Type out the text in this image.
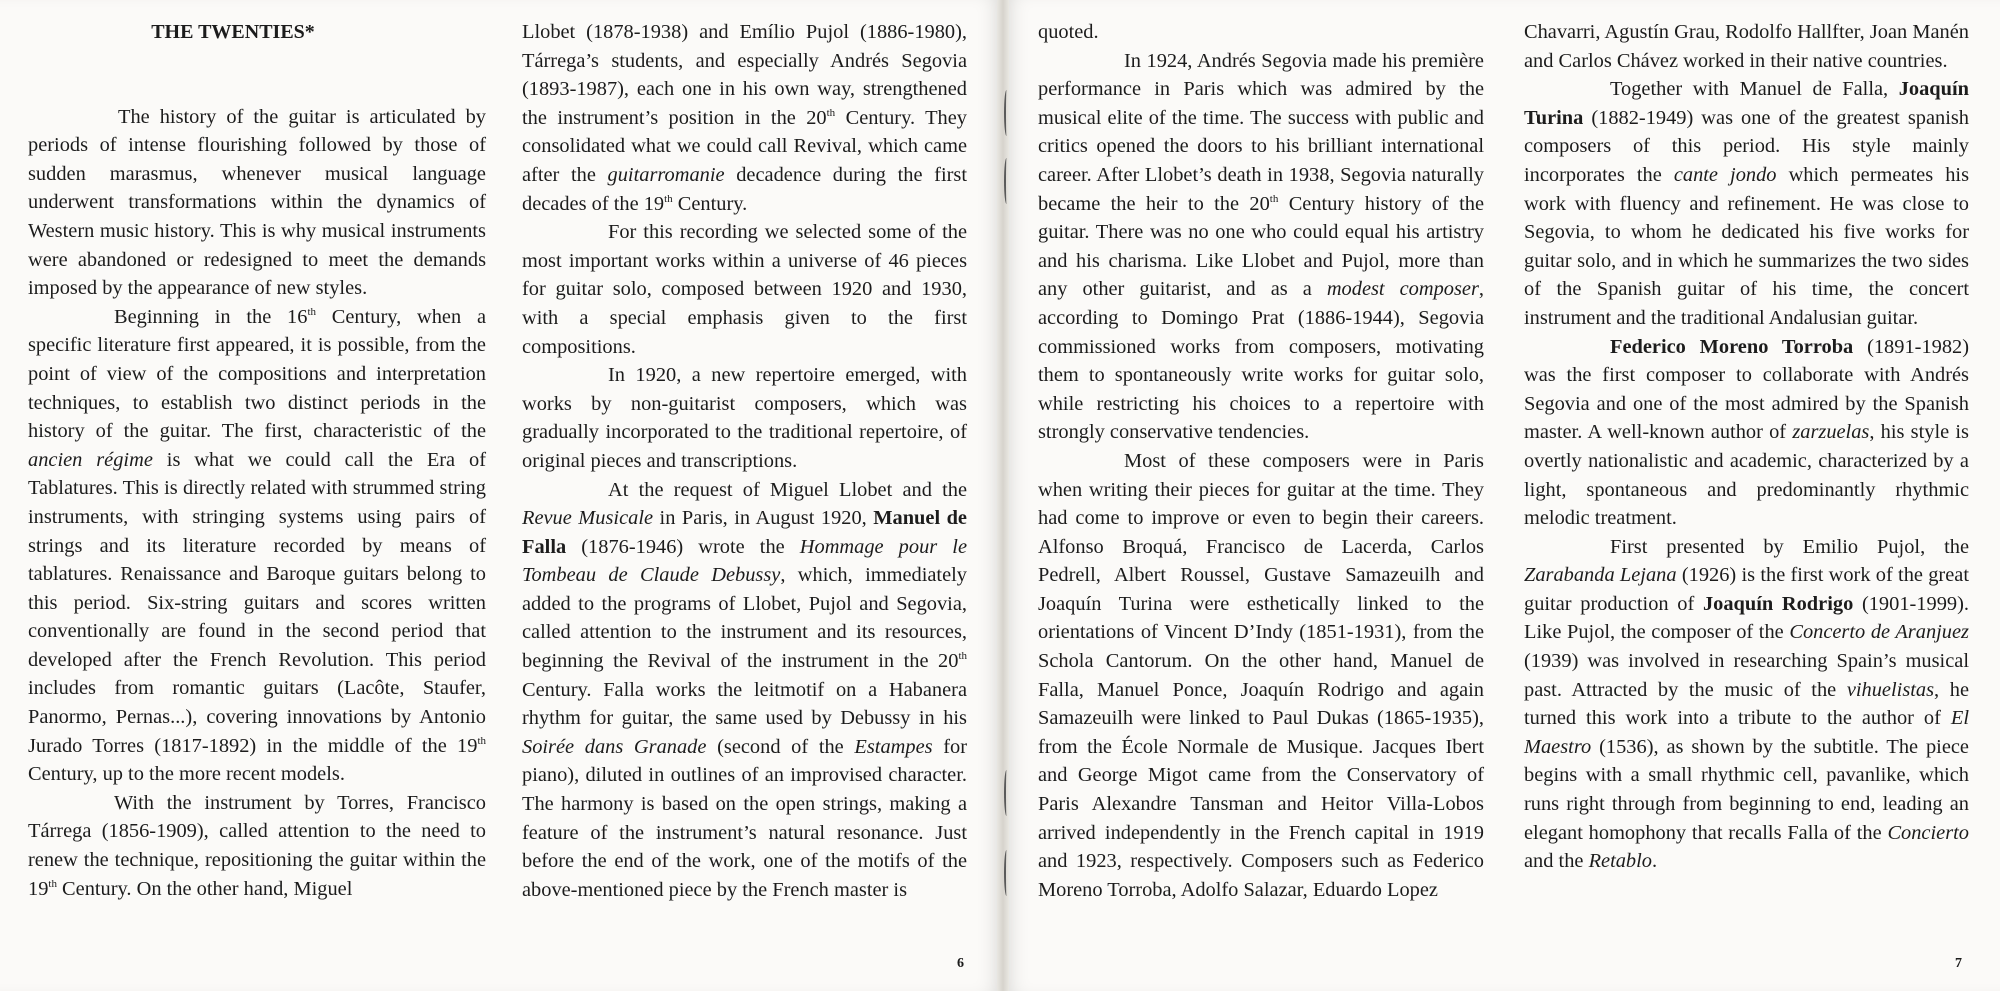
THE TWENTIES*

The history of the guitar is articulated by periods of intense flourishing followed by those of sudden marasmus, whenever musical language underwent transformations within the dynamics of Western music history. This is why musical instruments were abandoned or redesigned to meet the demands imposed by the appearance of new styles.

Beginning in the 16th Century, when a specific literature first appeared, it is possible, from the point of view of the compositions and interpretation techniques, to establish two distinct periods in the history of the guitar. The first, characteristic of the ancien régime is what we could call the Era of Tablatures. This is directly related with strummed string instruments, with stringing systems using pairs of strings and its literature recorded by means of tablatures. Renaissance and Baroque guitars belong to this period. Six-string guitars and scores written conventionally are found in the second period that developed after the French Revolution. This period includes from romantic guitars (Lacôte, Staufer, Panormo, Pernas...), covering innovations by Antonio Jurado Torres (1817-1892) in the middle of the 19th Century, up to the more recent models.

With the instrument by Torres, Francisco Tárrega (1856-1909), called attention to the need to renew the technique, repositioning the guitar within the 19th Century. On the other hand, Miguel

Llobet (1878-1938) and Emílio Pujol (1886-1980), Tárrega’s students, and especially Andrés Segovia (1893-1987), each one in his own way, strengthened the instrument’s position in the 20th Century. They consolidated what we could call Revival, which came after the guitarromanie decadence during the first decades of the 19th Century.

For this recording we selected some of the most important works within a universe of 46 pieces for guitar solo, composed between 1920 and 1930, with a special emphasis given to the first compositions.

In 1920, a new repertoire emerged, with works by non-guitarist composers, which was gradually incorporated to the traditional repertoire, of original pieces and transcriptions.

At the request of Miguel Llobet and the Revue Musicale in Paris, in August 1920, Manuel de Falla (1876-1946) wrote the Hommage pour le Tombeau de Claude Debussy, which, immediately added to the programs of Llobet, Pujol and Segovia, called attention to the instrument and its resources, beginning the Revival of the instrument in the 20th Century. Falla works the leitmotif on a Habanera rhythm for guitar, the same used by Debussy in his Soirée dans Granade (second of the Estampes for piano), diluted in outlines of an improvised character. The harmony is based on the open strings, making a feature of the instrument’s natural resonance. Just before the end of the work, one of the motifs of the above-mentioned piece by the French master is

6

quoted.

In 1924, Andrés Segovia made his première performance in Paris which was admired by the musical elite of the time. The success with public and critics opened the doors to his brilliant international career. After Llobet’s death in 1938, Segovia naturally became the heir to the 20th Century history of the guitar. There was no one who could equal his artistry and his charisma. Like Llobet and Pujol, more than any other guitarist, and as a modest composer, according to Domingo Prat (1886-1944), Segovia commissioned works from composers, motivating them to spontaneously write works for guitar solo, while restricting his choices to a repertoire with strongly conservative tendencies.

Most of these composers were in Paris when writing their pieces for guitar at the time. They had come to improve or even to begin their careers. Alfonso Broquá, Francisco de Lacerda, Carlos Pedrell, Albert Roussel, Gustave Samazeuilh and Joaquín Turina were esthetically linked to the orientations of Vincent D’Indy (1851-1931), from the Schola Cantorum. On the other hand, Manuel de Falla, Manuel Ponce, Joaquín Rodrigo and again Samazeuilh were linked to Paul Dukas (1865-1935), from the École Normale de Musique. Jacques Ibert and George Migot came from the Conservatory of Paris Alexandre Tansman and Heitor Villa-Lobos arrived independently in the French capital in 1919 and 1923, respectively. Composers such as Federico Moreno Torroba, Adolfo Salazar, Eduardo Lopez

Chavarri, Agustín Grau, Rodolfo Hallfter, Joan Manén and Carlos Chávez worked in their native countries.

Together with Manuel de Falla, Joaquín Turina (1882-1949) was one of the greatest spanish composers of this period. His style mainly incorporates the cante jondo which permeates his work with fluency and refinement. He was close to Segovia, to whom he dedicated his five works for guitar solo, and in which he summarizes the two sides of the Spanish guitar of his time, the concert instrument and the traditional Andalusian guitar.

Federico Moreno Torroba (1891-1982) was the first composer to collaborate with Andrés Segovia and one of the most admired by the Spanish master. A well-known author of zarzuelas, his style is overtly nationalistic and academic, characterized by a light, spontaneous and predominantly rhythmic melodic treatment.

First presented by Emilio Pujol, the Zarabanda Lejana (1926) is the first work of the great guitar production of Joaquín Rodrigo (1901-1999). Like Pujol, the composer of the Concerto de Aranjuez (1939) was involved in researching Spain’s musical past. Attracted by the music of the vihuelistas, he turned this work into a tribute to the author of El Maestro (1536), as shown by the subtitle. The piece begins with a small rhythmic cell, pavanlike, which runs right through from beginning to end, leading an elegant homophony that recalls Falla of the Concierto and the Retablo.

7
